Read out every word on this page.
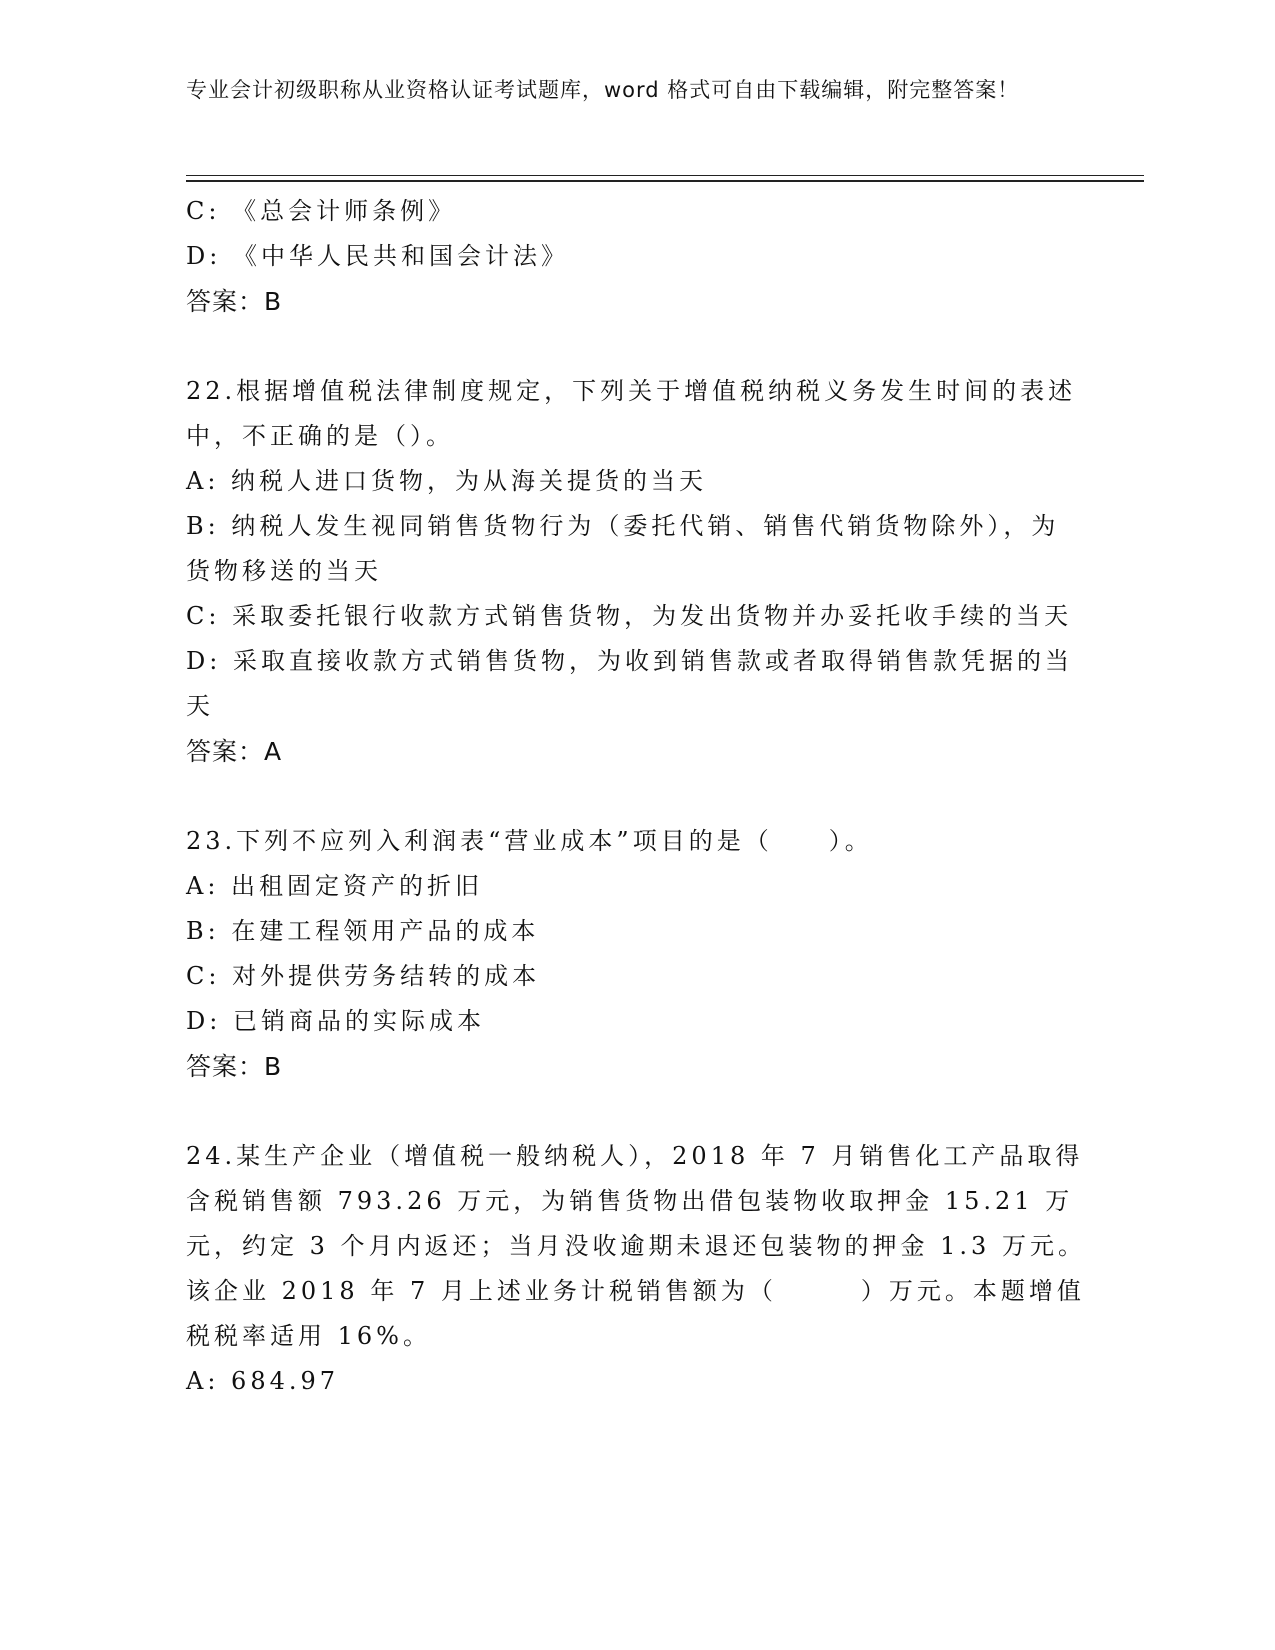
专业会计初级职称从业资格认证考试题库，word 格式可自由下载编辑，附完整答案！
C: 《总会计师条例》
D: 《中华人民共和国会计法》
答案：B
22.根据增值税法律制度规定，下列关于增值税纳税义务发生时间的表述中，不正确的是（）。
A: 纳税人进口货物，为从海关提货的当天
B: 纳税人发生视同销售货物行为（委托代销、销售代销货物除外），为货物移送的当天
C: 采取委托银行收款方式销售货物，为发出货物并办妥托收手续的当天
D: 采取直接收款方式销售货物，为收到销售款或者取得销售款凭据的当天
答案：A
23.下列不应列入利润表“营业成本”项目的是（　　）。
A: 出租固定资产的折旧
B: 在建工程领用产品的成本
C: 对外提供劳务结转的成本
D: 已销商品的实际成本
答案：B
24.某生产企业（增值税一般纳税人），2018 年 7 月销售化工产品取得含税销售额 793.26 万元，为销售货物出借包装物收取押金 15.21 万元，约定 3 个月内返还；当月没收逾期未退还包装物的押金 1.3 万元。该企业 2018 年 7 月上述业务计税销售额为（　　　）万元。本题增值税税率适用 16%。
A: 684.97
